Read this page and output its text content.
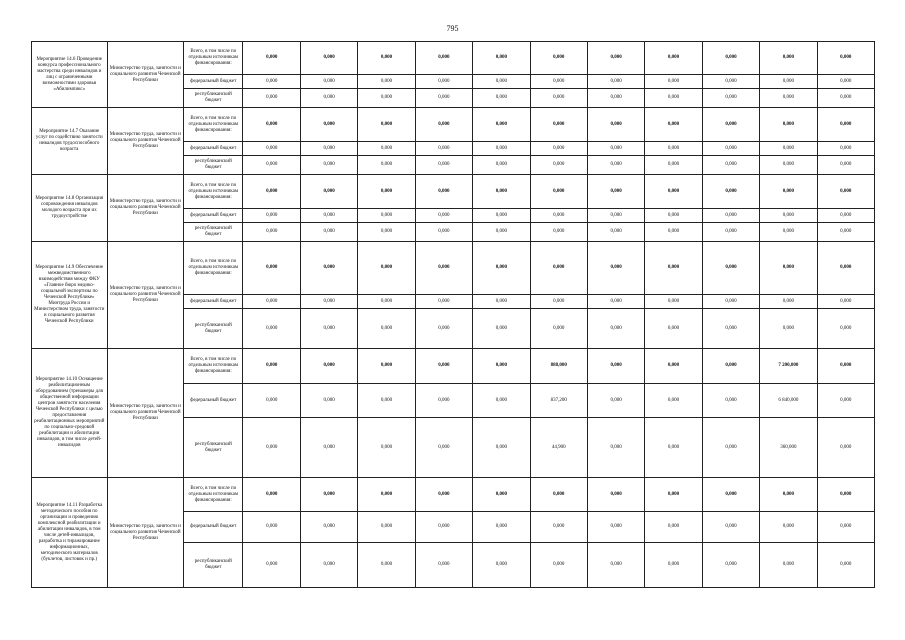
795
Мероприятие 14.6 Проведение конкурса профессионального мастерства среди инвалидов и лиц с ограниченными возможностями здоровья «Абилимпикс»	Министерство труда, занятости и социального развития Чеченской Республики	Всего, в том числе по отдельным источникам финансирования:	0,000	0,000	0,000	0,000	0,000	0,000	0,000	0,000	0,000	0,000	0,000
		федеральный бюджет	0,000	0,000	0,000	0,000	0,000	0,000	0,000	0,000	0,000	0,000	0,000
		республиканский бюджет	0,000	0,000	0,000	0,000	0,000	0,000	0,000	0,000	0,000	0,000	0,000
Мероприятие 14.7 Оказание услуг по содействию занятости инвалидов трудоспособного возраста	Министерство труда, занятости и социального развития Чеченской Республики	Всего, в том числе по отдельным источникам финансирования:	0,000	0,000	0,000	0,000	0,000	0,000	0,000	0,000	0,000	0,000	0,000
		федеральный бюджет	0,000	0,000	0,000	0,000	0,000	0,000	0,000	0,000	0,000	0,000	0,000
		республиканский бюджет	0,000	0,000	0,000	0,000	0,000	0,000	0,000	0,000	0,000	0,000	0,000
Мероприятие 14.8 Организация сопровождения инвалидов молодого возраста при их трудоустройстве	Министерство труда, занятости и социального развития Чеченской Республики	Всего, в том числе по отдельным источникам финансирования:	0,000	0,000	0,000	0,000	0,000	0,000	0,000	0,000	0,000	0,000	0,000
		федеральный бюджет	0,000	0,000	0,000	0,000	0,000	0,000	0,000	0,000	0,000	0,000	0,000
		республиканский бюджет	0,000	0,000	0,000	0,000	0,000	0,000	0,000	0,000	0,000	0,000	0,000
Мероприятие 14.9 Обеспечение межведомственного взаимодействия между ФКУ «Главное бюро медико-социальной экспертизы по Чеченской Республике» Минтруда России и Министерством труда, занятости и социального развития Чеченской Республики	Министерство труда, занятости и социального развития Чеченской Республики	Всего, в том числе по отдельным источникам финансирования:	0,000	0,000	0,000	0,000	0,000	0,000	0,000	0,000	0,000	0,000	0,000
		федеральный бюджет	0,000	0,000	0,000	0,000	0,000	0,000	0,000	0,000	0,000	0,000	0,000
		республиканский бюджет	0,000	0,000	0,000	0,000	0,000	0,000	0,000	0,000	0,000	0,000	0,000
Мероприятие 14.10 Оснащение реабилитационным оборудованием (тренажеры для общественной информации центров занятости населения Чеченской Республики с целью предоставления реабилитационных мероприятий по социально-средовой реабилитации и абилитации инвалидов, в том числе детей-инвалидов	Министерство труда, занятости и социального развития Чеченской Республики	Всего, в том числе по отдельным источникам финансирования:	0,000	0,000	0,000	0,000	0,000	888,000	0,000	0,000	0,000	7 200,000	0,000
		федеральный бюджет	0,000	0,000	0,000	0,000	0,000	837,200	0,000	0,000	0,000	6 840,000	0,000
		республиканский бюджет	0,000	0,000	0,000	0,000	0,000	44,900	0,000	0,000	0,000	360,000	0,000
Мероприятие 14.11 Разработка методического пособия по организации и проведению комплексной реабилитации и абилитации инвалидов, в том числе детей-инвалидов, разработка и тиражирование информационных, методического материалов (буклетов, листовок и пр.)	Министерство труда, занятости и социального развития Чеченской Республики	Всего, в том числе по отдельным источникам финансирования:	0,000	0,000	0,000	0,000	0,000	0,000	0,000	0,000	0,000	0,000	0,000
		федеральный бюджет	0,000	0,000	0,000	0,000	0,000	0,000	0,000	0,000	0,000	0,000	0,000
		республиканский бюджет	0,000	0,000	0,000	0,000	0,000	0,000	0,000	0,000	0,000	0,000	0,000
